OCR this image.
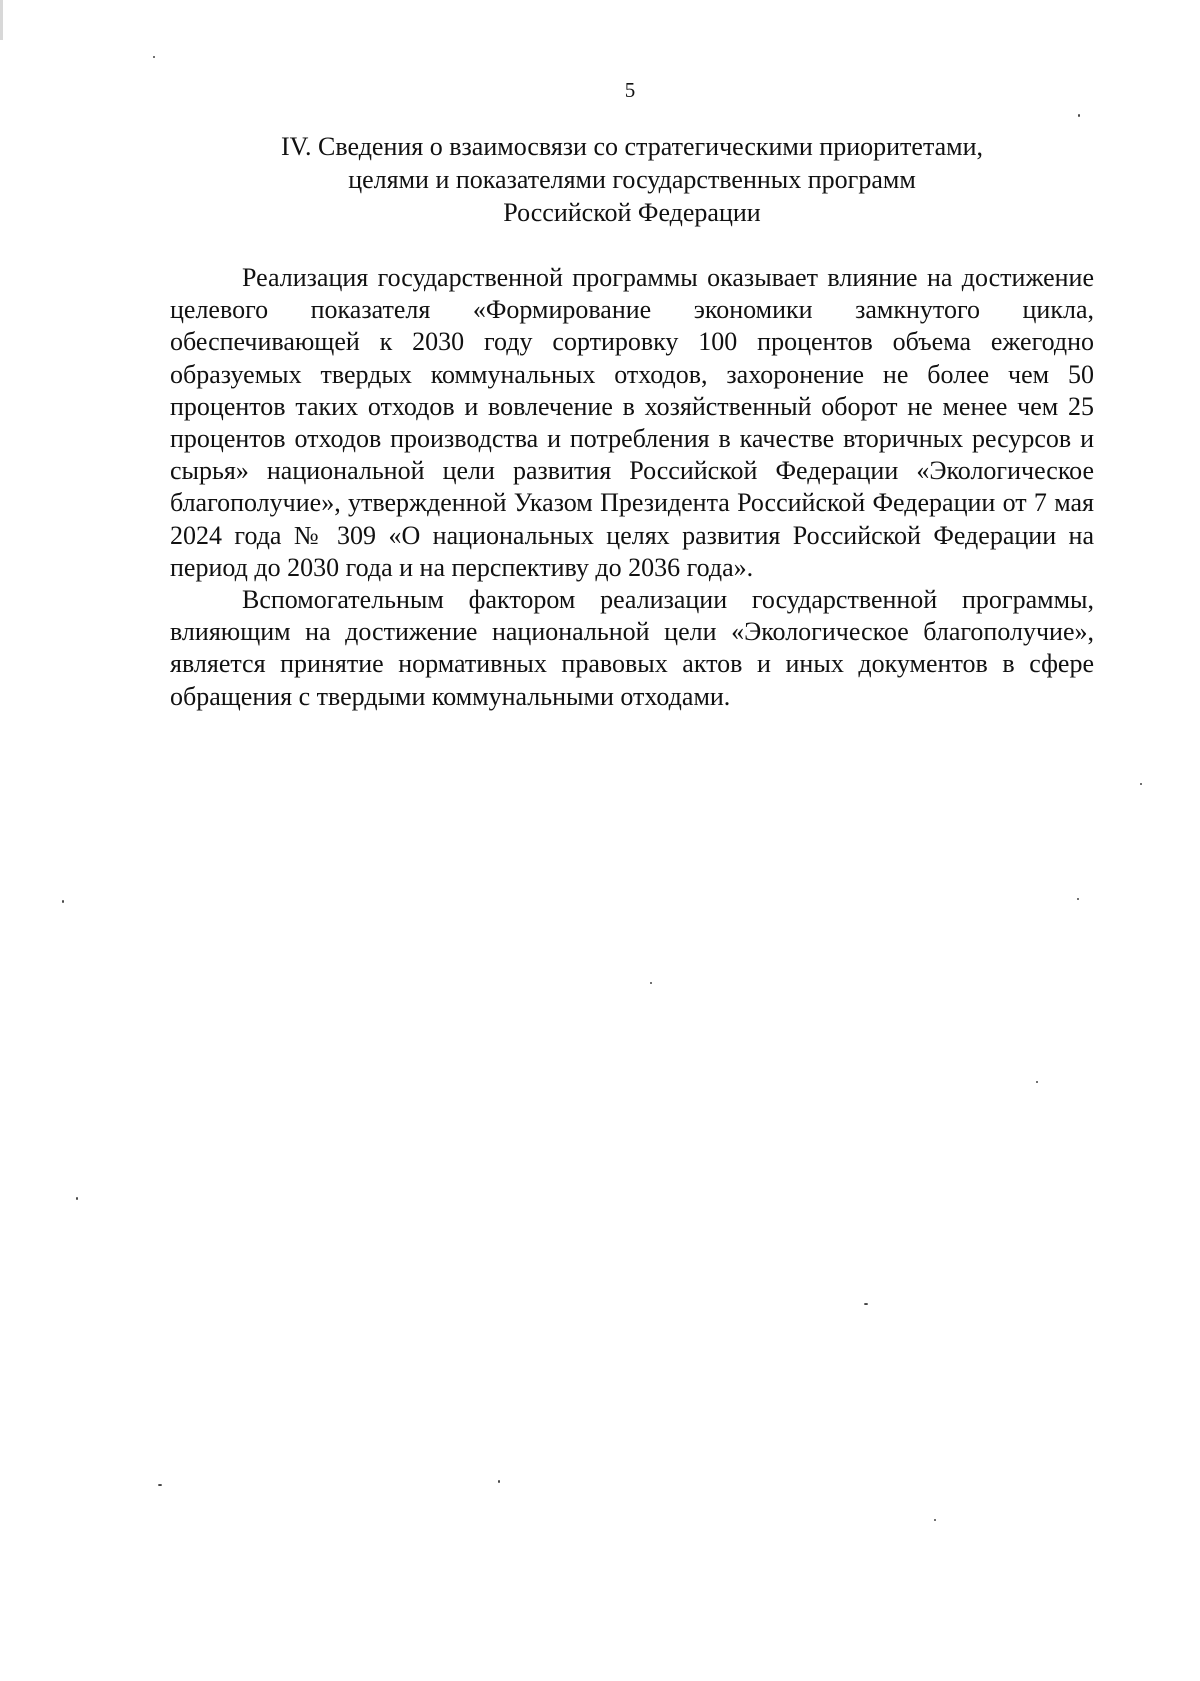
5
IV. Сведения о взаимосвязи со стратегическими приоритетами,
целями и показателями государственных программ
Российской Федерации

Реализация государственной программы оказывает влияние на достижение целевого показателя «Формирование экономики замкнутого цикла, обеспечивающей к 2030 году сортировку 100 процентов объема ежегодно образуемых твердых коммунальных отходов, захоронение не более чем 50 процентов таких отходов и вовлечение в хозяйственный оборот не менее чем 25 процентов отходов производства и потребления в качестве вторичных ресурсов и сырья» национальной цели развития Российской Федерации «Экологическое благополучие», утвержденной Указом Президента Российской Федерации от 7 мая 2024 года № 309 «О национальных целях развития Российской Федерации на период до 2030 года и на перспективу до 2036 года».

Вспомогательным фактором реализации государственной программы, влияющим на достижение национальной цели «Экологическое благополучие», является принятие нормативных правовых актов и иных документов в сфере обращения с твердыми коммунальными отходами.
